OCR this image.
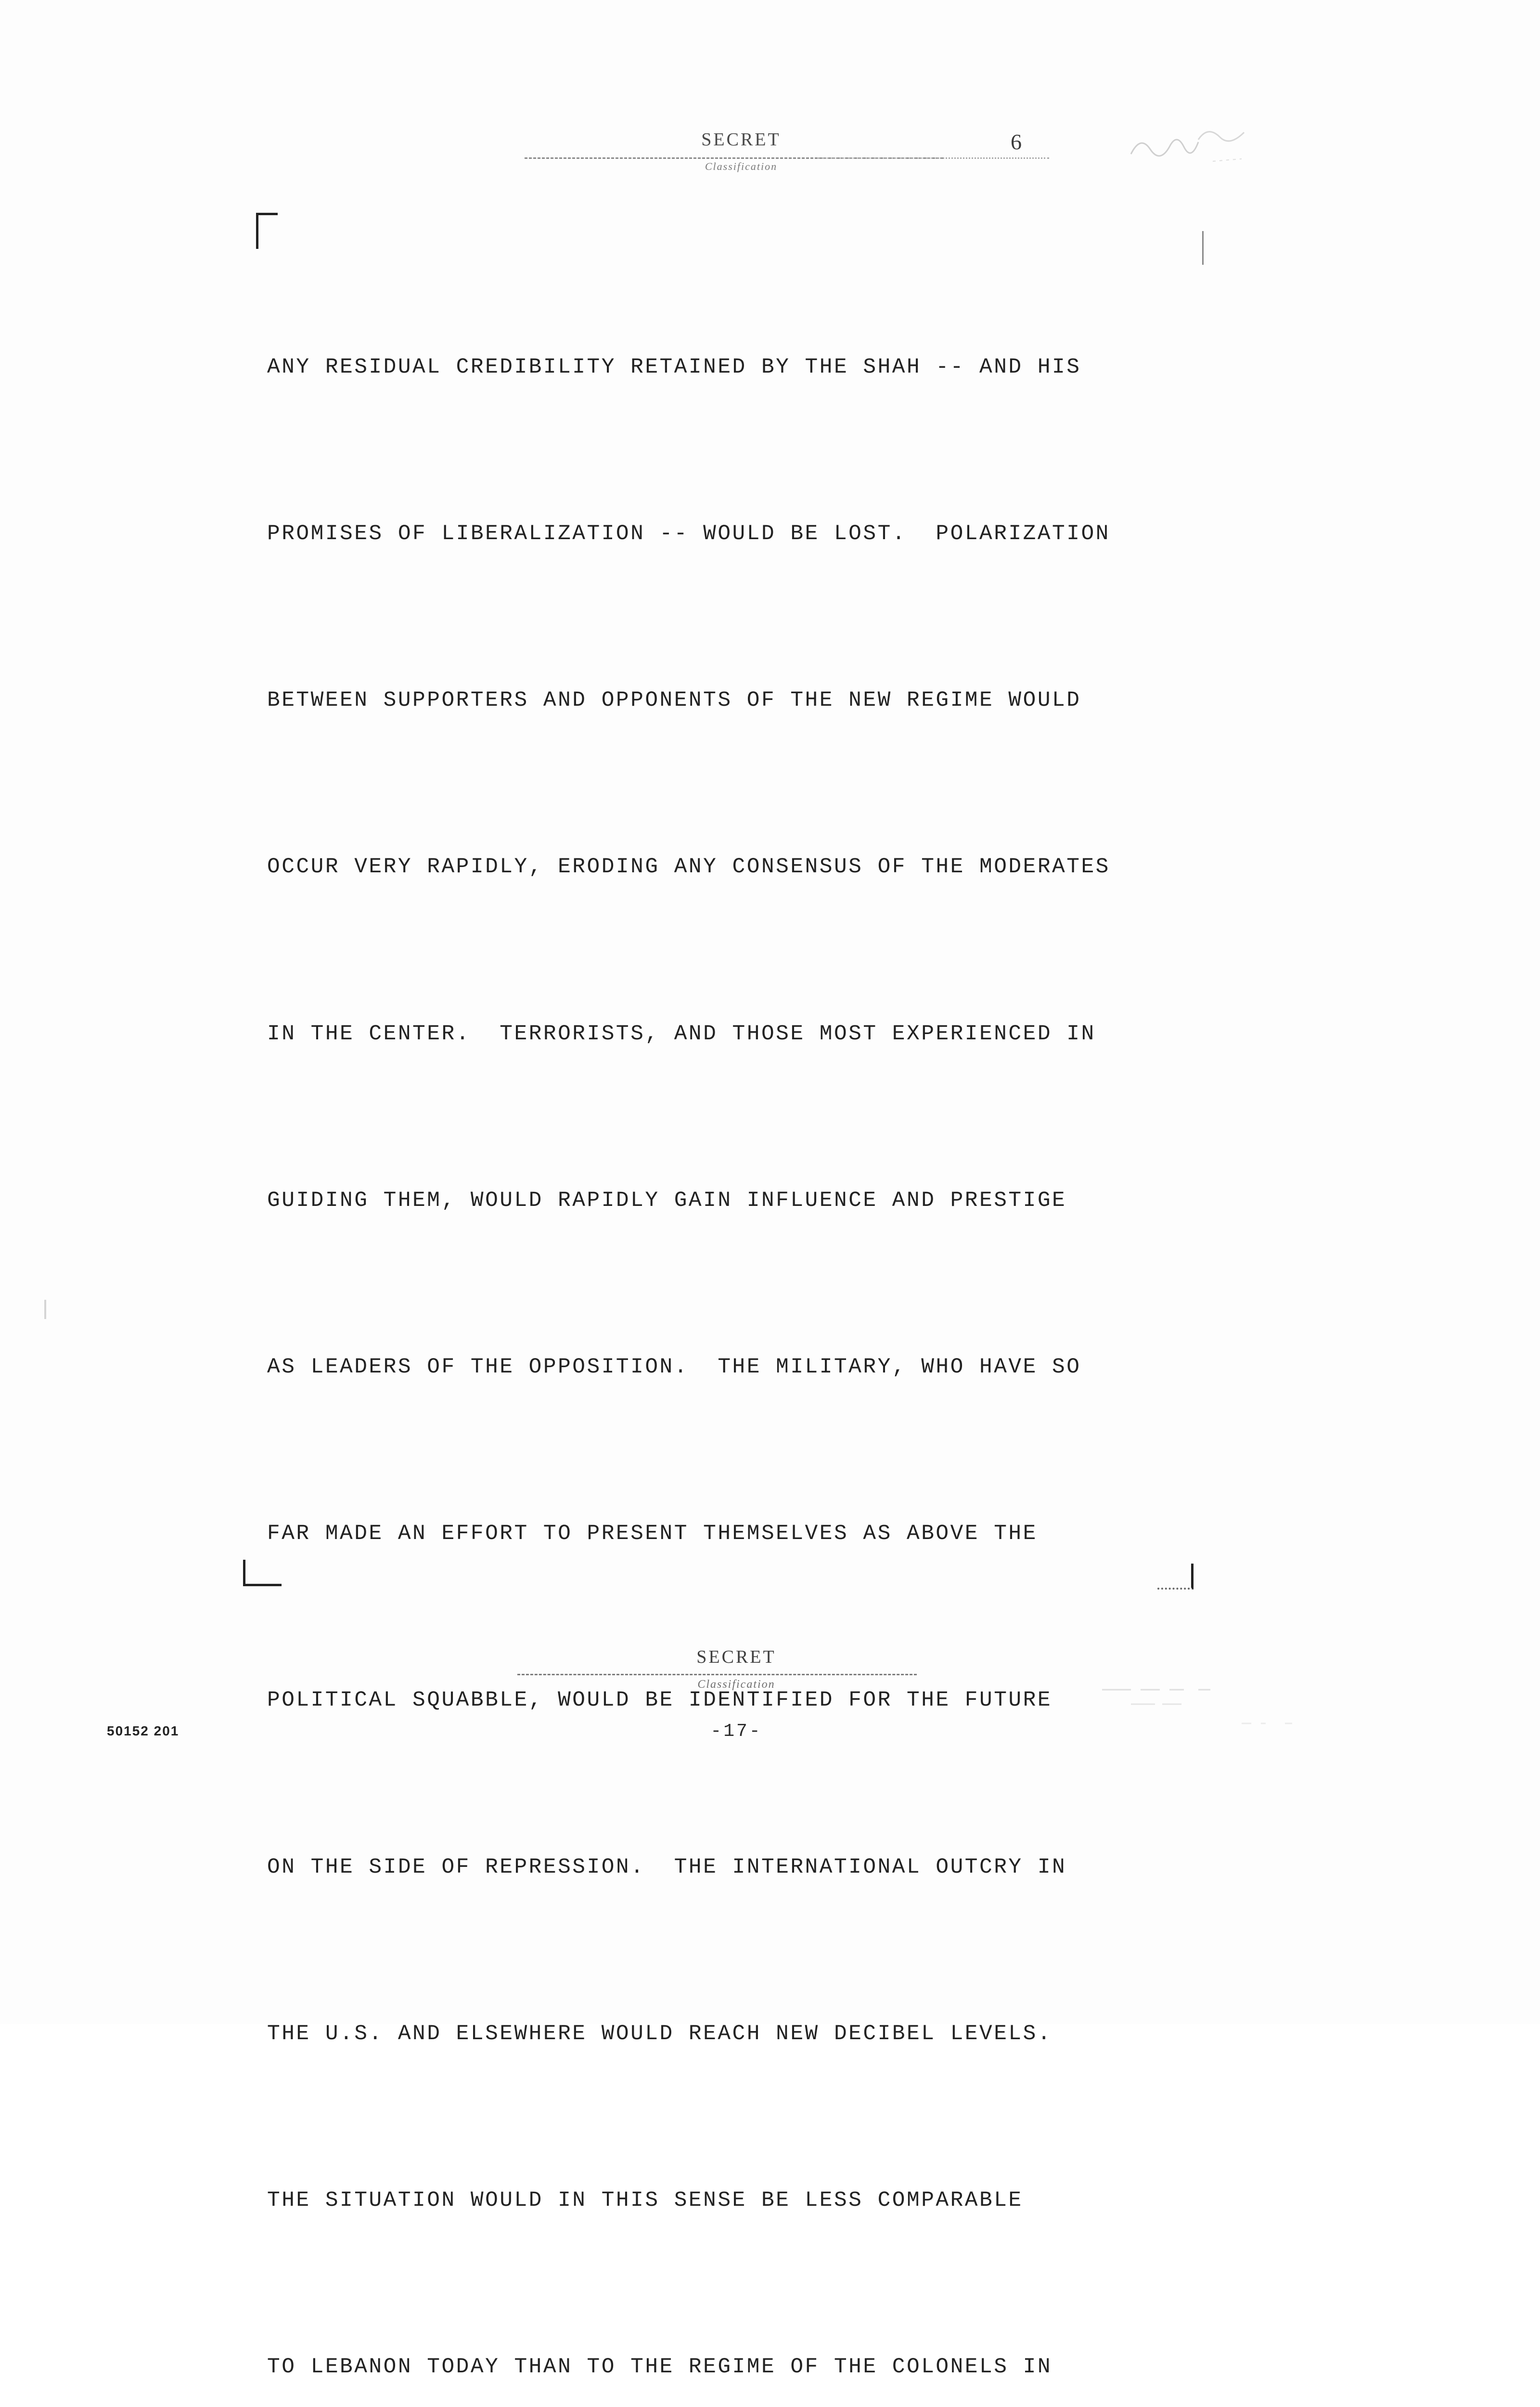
SECRET
Classification
6

ANY RESIDUAL CREDIBILITY RETAINED BY THE SHAH -- AND HIS

PROMISES OF LIBERALIZATION -- WOULD BE LOST.  POLARIZATION

BETWEEN SUPPORTERS AND OPPONENTS OF THE NEW REGIME WOULD

OCCUR VERY RAPIDLY, ERODING ANY CONSENSUS OF THE MODERATES

IN THE CENTER.  TERRORISTS, AND THOSE MOST EXPERIENCED IN

GUIDING THEM, WOULD RAPIDLY GAIN INFLUENCE AND PRESTIGE

AS LEADERS OF THE OPPOSITION.  THE MILITARY, WHO HAVE SO

FAR MADE AN EFFORT TO PRESENT THEMSELVES AS ABOVE THE

POLITICAL SQUABBLE, WOULD BE IDENTIFIED FOR THE FUTURE

ON THE SIDE OF REPRESSION.  THE INTERNATIONAL OUTCRY IN

THE U.S. AND ELSEWHERE WOULD REACH NEW DECIBEL LEVELS.

THE SITUATION WOULD IN THIS SENSE BE LESS COMPARABLE

TO LEBANON TODAY THAN TO THE REGIME OF THE COLONELS IN

SECRET
Classification
-17-
50152 201
